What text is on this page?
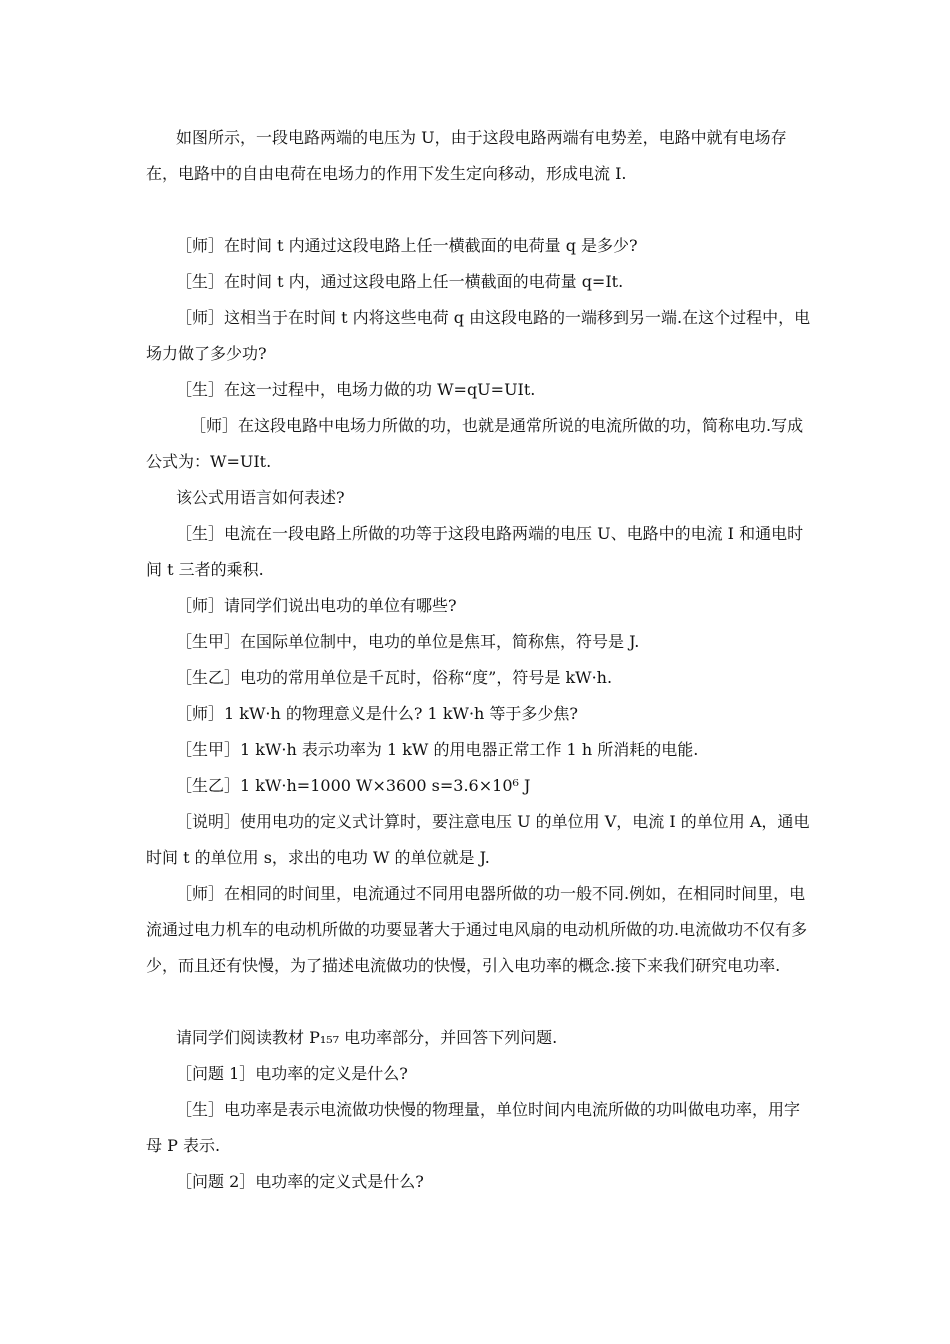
如图所示，一段电路两端的电压为 U，由于这段电路两端有电势差，电路中就有电场存在，电路中的自由电荷在电场力的作用下发生定向移动，形成电流 I.
［师］在时间 t 内通过这段电路上任一横截面的电荷量 q 是多少?
［生］在时间 t 内，通过这段电路上任一横截面的电荷量 q=It.
［师］这相当于在时间 t 内将这些电荷 q 由这段电路的一端移到另一端.在这个过程中，电场力做了多少功?
［生］在这一过程中，电场力做的功 W=qU=UIt.
［师］在这段电路中电场力所做的功，也就是通常所说的电流所做的功，简称电功.写成公式为：W=UIt.
该公式用语言如何表述?
［生］电流在一段电路上所做的功等于这段电路两端的电压 U、电路中的电流 I 和通电时间 t 三者的乘积.
［师］请同学们说出电功的单位有哪些?
［生甲］在国际单位制中，电功的单位是焦耳，简称焦，符号是 J.
［生乙］电功的常用单位是千瓦时，俗称“度”，符号是 kW·h.
［师］1 kW·h 的物理意义是什么? 1 kW·h 等于多少焦?
［生甲］1 kW·h 表示功率为 1 kW 的用电器正常工作 1 h 所消耗的电能.
［生乙］1 kW·h=1000 W×3600 s=3.6×10⁶ J
［说明］使用电功的定义式计算时，要注意电压 U 的单位用 V，电流 I 的单位用 A，通电时间 t 的单位用 s，求出的电功 W 的单位就是 J.
［师］在相同的时间里，电流通过不同用电器所做的功一般不同.例如，在相同时间里，电流通过电力机车的电动机所做的功要显著大于通过电风扇的电动机所做的功.电流做功不仅有多少，而且还有快慢，为了描述电流做功的快慢，引入电功率的概念.接下来我们研究电功率.
请同学们阅读教材 P₁₅₇ 电功率部分，并回答下列问题.
［问题 1］电功率的定义是什么?
［生］电功率是表示电流做功快慢的物理量，单位时间内电流所做的功叫做电功率，用字母 P 表示.
［问题 2］电功率的定义式是什么?
